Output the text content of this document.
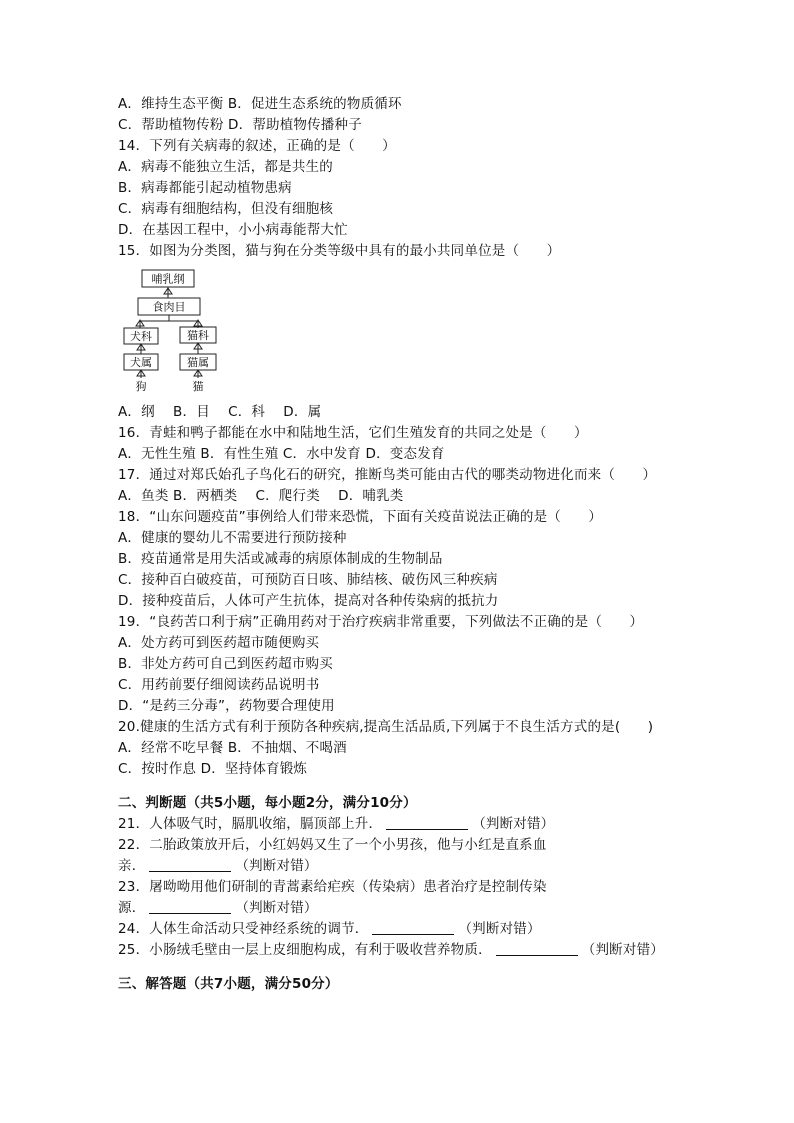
A．维持生态平衡 B．促进生态系统的物质循环
C．帮助植物传粉 D．帮助植物传播种子
14．下列有关病毒的叙述，正确的是（　　）
A．病毒不能独立生活，都是共生的
B．病毒都能引起动植物患病
C．病毒有细胞结构，但没有细胞核
D．在基因工程中，小小病毒能帮大忙
15．如图为分类图，猫与狗在分类等级中具有的最小共同单位是（　　）
哺乳纲
食肉目
犬科	猫科
犬属	猫属
狗	猫
A．纲　 B．目　 C．科　 D．属
16．青蛙和鸭子都能在水中和陆地生活，它们生殖发育的共同之处是（　　）
A．无性生殖 B．有性生殖 C．水中发育 D．变态发育
17．通过对郑氏始孔子鸟化石的研究，推断鸟类可能由古代的哪类动物进化而来（　　）
A．鱼类 B．两栖类　 C．爬行类　 D．哺乳类
18．“山东问题疫苗”事例给人们带来恐慌，下面有关疫苗说法正确的是（　　）
A．健康的婴幼儿不需要进行预防接种
B．疫苗通常是用失活或减毒的病原体制成的生物制品
C．接种百白破疫苗，可预防百日咳、肺结核、破伤风三种疾病
D．接种疫苗后，人体可产生抗体，提高对各种传染病的抵抗力
19．“良药苦口利于病”正确用药对于治疗疾病非常重要，下列做法不正确的是（　　）
A．处方药可到医药超市随便购买
B．非处方药可自己到医药超市购买
C．用药前要仔细阅读药品说明书
D．“是药三分毒”，药物要合理使用
20.健康的生活方式有利于预防各种疾病,提高生活品质,下列属于不良生活方式的是(　　)
A．经常不吃早餐 B．不抽烟、不喝酒
C．按时作息 D．坚持体育锻炼
二、判断题（共5小题，每小题2分，满分10分）
21．人体吸气时，膈肌收缩，膈顶部上升．	（判断对错）
22．二胎政策放开后，小红妈妈又生了一个小男孩，他与小红是直系血
亲．	（判断对错）
23．屠呦呦用他们研制的青蒿素给疟疾（传染病）患者治疗是控制传染
源．	（判断对错）
24．人体生命活动只受神经系统的调节．	（判断对错）
25．小肠绒毛壁由一层上皮细胞构成，有利于吸收营养物质．	（判断对错）
三、解答题（共7小题，满分50分）
